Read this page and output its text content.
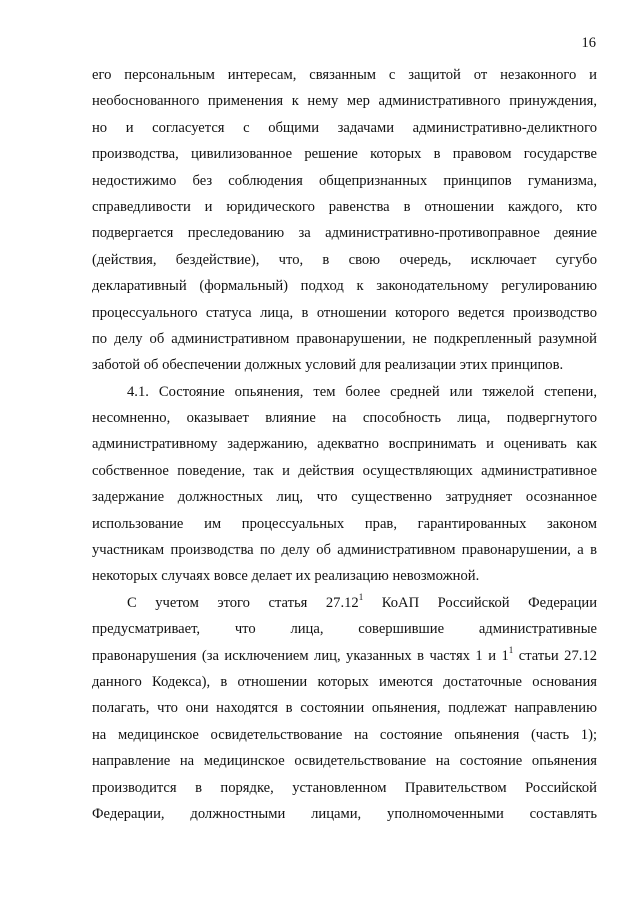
16
его персональным интересам, связанным с защитой от незаконного и
необоснованного применения к нему мер административного принуждения,
но и согласуется с общими задачами административно-деликтного
производства, цивилизованное решение которых в правовом государстве
недостижимо без соблюдения общепризнанных принципов гуманизма,
справедливости и юридического равенства в отношении каждого, кто
подвергается преследованию за административно-противоправное деяние
(действия, бездействие), что, в свою очередь, исключает сугубо
декларативный (формальный) подход к законодательному регулированию
процессуального статуса лица, в отношении которого ведется производство
по делу об административном правонарушении, не подкрепленный разумной
заботой об обеспечении должных условий для реализации этих принципов.
4.1. Состояние опьянения, тем более средней или тяжелой степени,
несомненно, оказывает влияние на способность лица, подвергнутого
административному задержанию, адекватно воспринимать и оценивать как
собственное поведение, так и действия осуществляющих административное
задержание должностных лиц, что существенно затрудняет осознанное
использование им процессуальных прав, гарантированных законом
участникам производства по делу об административном правонарушении, а в
некоторых случаях вовсе делает их реализацию невозможной.
С учетом этого статья 27.12$^1$ КоАП Российской Федерации
предусматривает, что лица, совершившие административные
правонарушения (за исключением лиц, указанных в частях 1 и $1^1$ статьи 27.12
данного Кодекса), в отношении которых имеются достаточные основания
полагать, что они находятся в состоянии опьянения, подлежат направлению
на медицинское освидетельствование на состояние опьянения (часть 1);
направление на медицинское освидетельствование на состояние опьянения
производится в порядке, установленном Правительством Российской
Федерации, должностными лицами, уполномоченными составлять
